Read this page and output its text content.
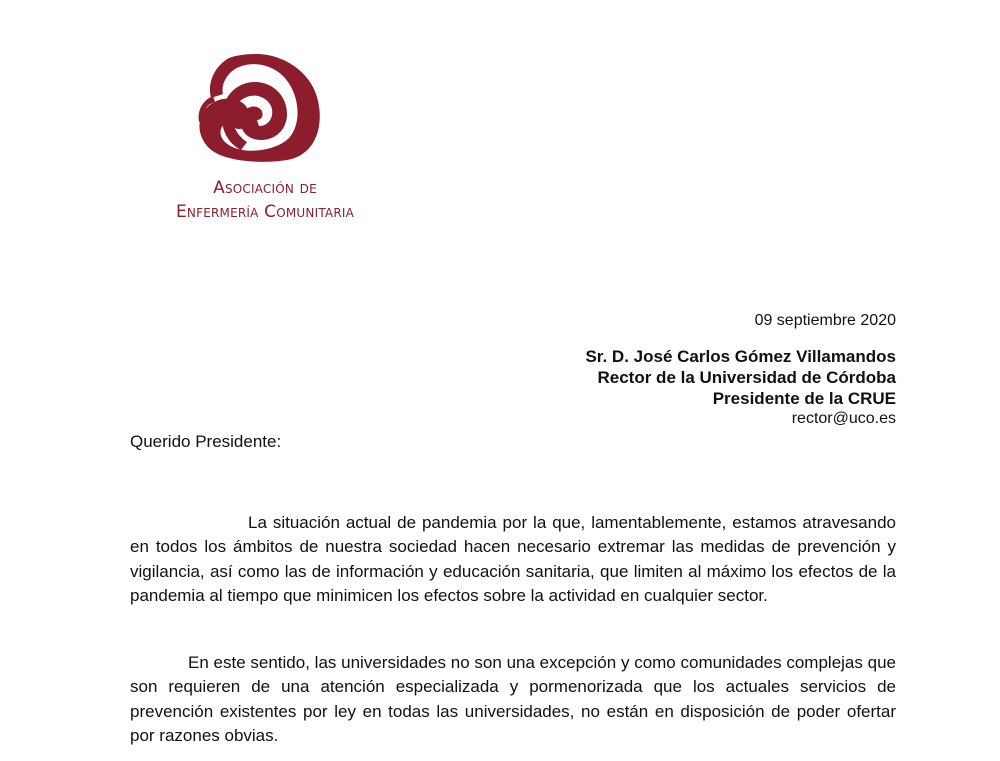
Asociación de
Enfermería Comunitaria
09 septiembre 2020
Sr. D. José Carlos Gómez Villamandos
Rector de la Universidad de Córdoba
Presidente de la CRUE
rector@uco.es
Querido Presidente:

La situación actual de pandemia por la que, lamentablemente, estamos atravesando en todos los ámbitos de nuestra sociedad hacen necesario extremar las medidas de prevención y vigilancia, así como las de información y educación sanitaria, que limiten al máximo los efectos de la pandemia al tiempo que minimicen los efectos sobre la actividad en cualquier sector.

En este sentido, las universidades no son una excepción y como comunidades complejas que son requieren de una atención especializada y pormenorizada que los actuales servicios de prevención existentes por ley en todas las universidades, no están en disposición de poder ofertar por razones obvias.
